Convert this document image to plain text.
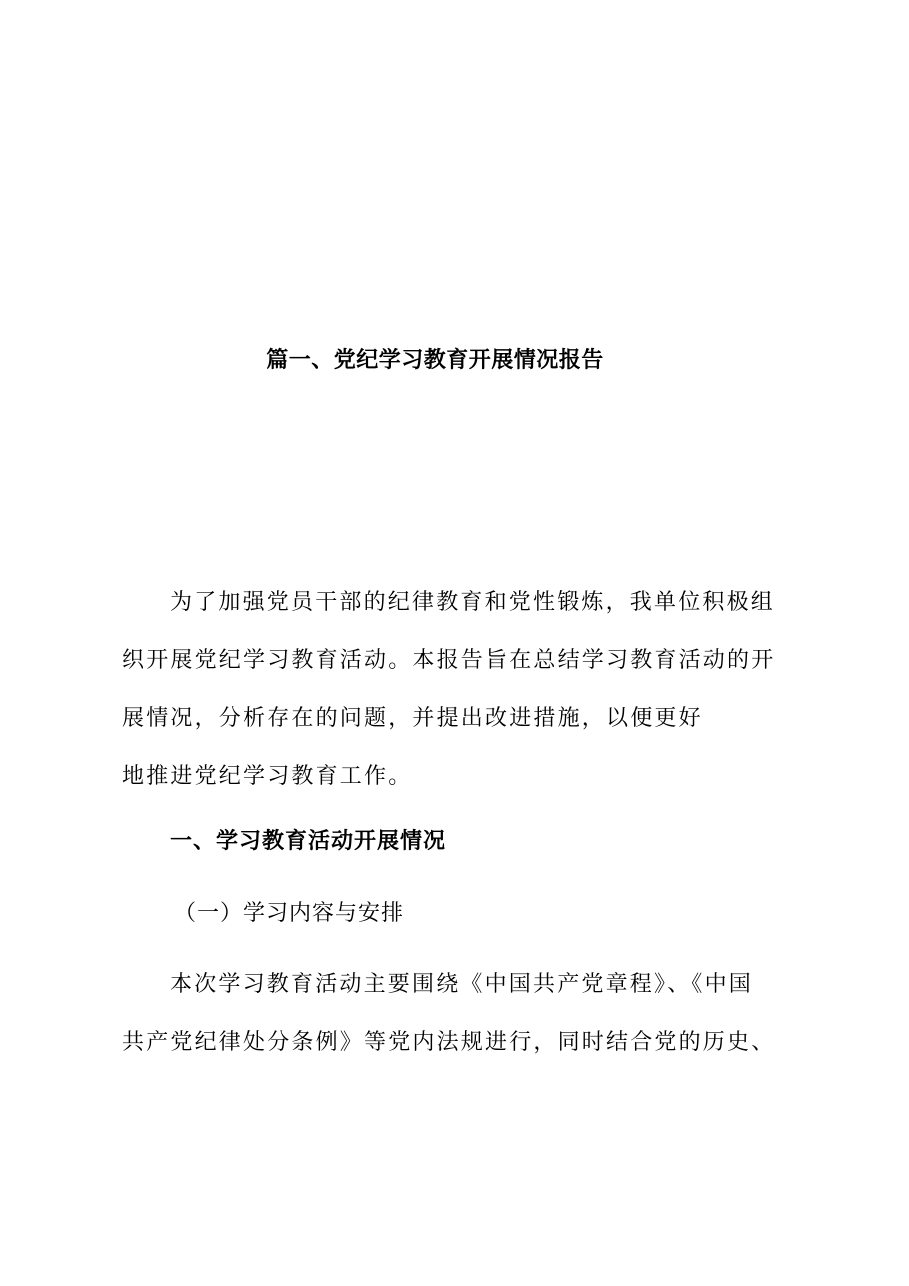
篇一、党纪学习教育开展情况报告

为了加强党员干部的纪律教育和党性锻炼，我单位积极组
织开展党纪学习教育活动。本报告旨在总结学习教育活动的开
展情况，分析存在的问题，并提出改进措施，以便更好
地推进党纪学习教育工作。

一、学习教育活动开展情况
（一）学习内容与安排

本次学习教育活动主要围绕《中国共产党章程》、《中国
共产党纪律处分条例》等党内法规进行，同时结合党的历史、
